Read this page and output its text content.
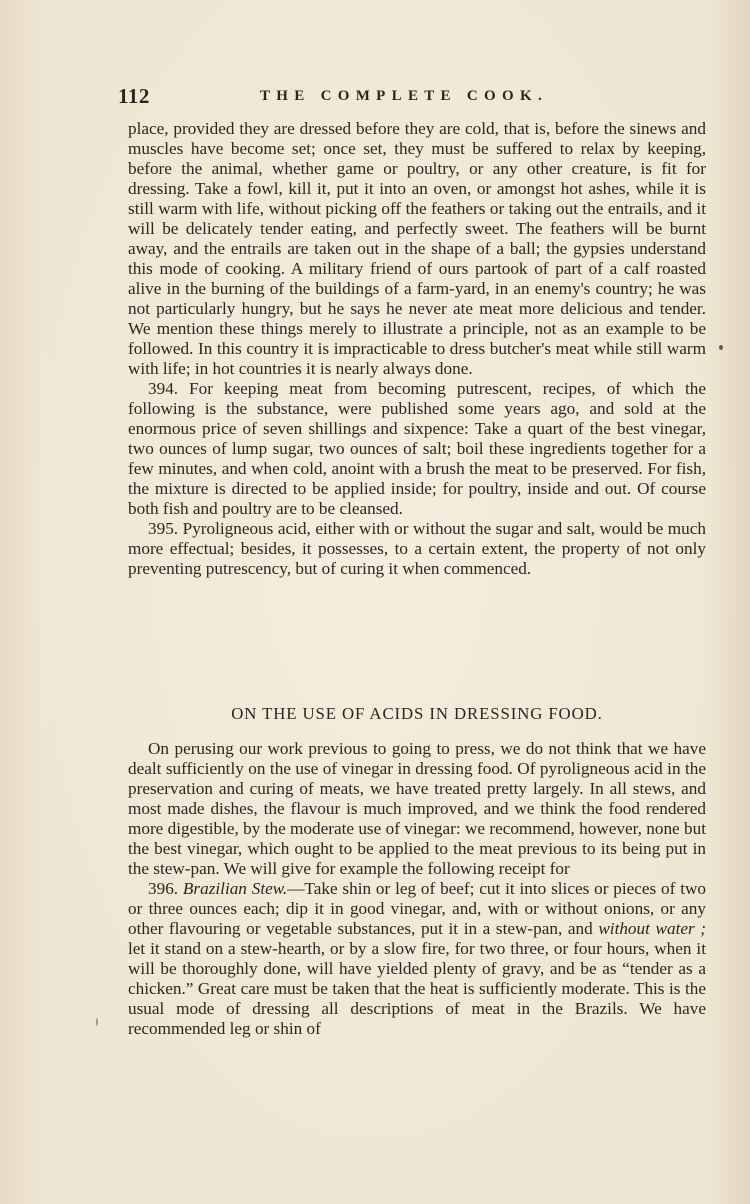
112	THE COMPLETE COOK.

place, provided they are dressed before they are cold, that is, before the sinews and muscles have become set; once set, they must be suffered to relax by keeping, before the animal, whether game or poultry, or any other creature, is fit for dressing. Take a fowl, kill it, put it into an oven, or amongst hot ashes, while it is still warm with life, without picking off the feathers or taking out the entrails, and it will be delicately tender eating, and perfectly sweet. The feathers will be burnt away, and the entrails are taken out in the shape of a ball; the gypsies understand this mode of cooking. A military friend of ours partook of part of a calf roasted alive in the burning of the buildings of a farm-yard, in an enemy's country; he was not particularly hungry, but he says he never ate meat more delicious and tender. We mention these things merely to illustrate a principle, not as an example to be followed. In this country it is impracticable to dress butcher's meat while still warm with life; in hot countries it is nearly always done.

394. For keeping meat from becoming putrescent, recipes, of which the following is the substance, were published some years ago, and sold at the enormous price of seven shillings and sixpence: Take a quart of the best vinegar, two ounces of lump sugar, two ounces of salt; boil these ingredients together for a few minutes, and when cold, anoint with a brush the meat to be preserved. For fish, the mixture is directed to be applied inside; for poultry, inside and out. Of course both fish and poultry are to be cleansed.

395. Pyroligneous acid, either with or without the sugar and salt, would be much more effectual; besides, it possesses, to a certain extent, the property of not only preventing putrescency, but of curing it when commenced.

ON THE USE OF ACIDS IN DRESSING FOOD.

On perusing our work previous to going to press, we do not think that we have dealt sufficiently on the use of vinegar in dressing food. Of pyroligneous acid in the preservation and curing of meats, we have treated pretty largely. In all stews, and most made dishes, the flavour is much improved, and we think the food rendered more digestible, by the moderate use of vinegar: we recommend, however, none but the best vinegar, which ought to be applied to the meat previous to its being put in the stew-pan. We will give for example the following receipt for

396. Brazilian Stew.—Take shin or leg of beef; cut it into slices or pieces of two or three ounces each; dip it in good vinegar, and, with or without onions, or any other flavouring or vegetable substances, put it in a stew-pan, and without water ; let it stand on a stew-hearth, or by a slow fire, for two three, or four hours, when it will be thoroughly done, will have yielded plenty of gravy, and be as “tender as a chicken.” Great care must be taken that the heat is sufficiently moderate. This is the usual mode of dressing all descriptions of meat in the Brazils. We have recommended leg or shin of
